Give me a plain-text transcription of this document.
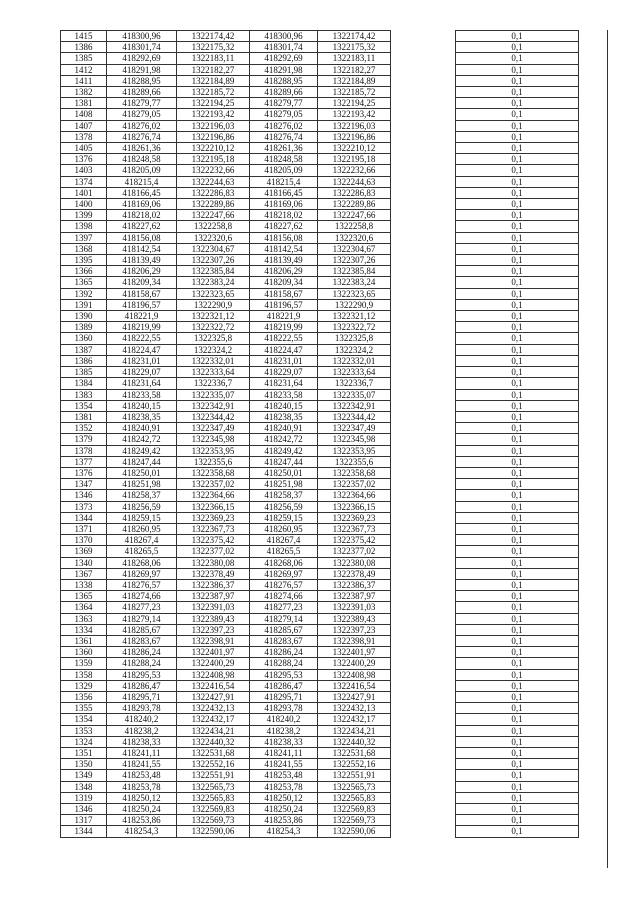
1415	418300,96	1322174,42	418300,96	1322174,42		0,1
1386	418301,74	1322175,32	418301,74	1322175,32		0,1
1385	418292,69	1322183,11	418292,69	1322183,11		0,1
1412	418291,98	1322182,27	418291,98	1322182,27		0,1
1411	418288,95	1322184,89	418288,95	1322184,89		0,1
1382	418289,66	1322185,72	418289,66	1322185,72		0,1
1381	418279,77	1322194,25	418279,77	1322194,25		0,1
1408	418279,05	1322193,42	418279,05	1322193,42		0,1
1407	418276,02	1322196,03	418276,02	1322196,03		0,1
1378	418276,74	1322196,86	418276,74	1322196,86		0,1
1405	418261,36	1322210,12	418261,36	1322210,12		0,1
1376	418248,58	1322195,18	418248,58	1322195,18		0,1
1403	418205,09	1322232,66	418205,09	1322232,66		0,1
1374	418215,4	1322244,63	418215,4	1322244,63		0,1
1401	418166,45	1322286,83	418166,45	1322286,83		0,1
1400	418169,06	1322289,86	418169,06	1322289,86		0,1
1399	418218,02	1322247,66	418218,02	1322247,66		0,1
1398	418227,62	1322258,8	418227,62	1322258,8		0,1
1397	418156,08	1322320,6	418156,08	1322320,6		0,1
1368	418142,54	1322304,67	418142,54	1322304,67		0,1
1395	418139,49	1322307,26	418139,49	1322307,26		0,1
1366	418206,29	1322385,84	418206,29	1322385,84		0,1
1365	418209,34	1322383,24	418209,34	1322383,24		0,1
1392	418158,67	1322323,65	418158,67	1322323,65		0,1
1391	418196,57	1322290,9	418196,57	1322290,9		0,1
1390	418221,9	1322321,12	418221,9	1322321,12		0,1
1389	418219,99	1322322,72	418219,99	1322322,72		0,1
1360	418222,55	1322325,8	418222,55	1322325,8		0,1
1387	418224,47	1322324,2	418224,47	1322324,2		0,1
1386	418231,01	1322332,01	418231,01	1322332,01		0,1
1385	418229,07	1322333,64	418229,07	1322333,64		0,1
1384	418231,64	1322336,7	418231,64	1322336,7		0,1
1383	418233,58	1322335,07	418233,58	1322335,07		0,1
1354	418240,15	1322342,91	418240,15	1322342,91		0,1
1381	418238,35	1322344,42	418238,35	1322344,42		0,1
1352	418240,91	1322347,49	418240,91	1322347,49		0,1
1379	418242,72	1322345,98	418242,72	1322345,98		0,1
1378	418249,42	1322353,95	418249,42	1322353,95		0,1
1377	418247,44	1322355,6	418247,44	1322355,6		0,1
1376	418250,01	1322358,68	418250,01	1322358,68		0,1
1347	418251,98	1322357,02	418251,98	1322357,02		0,1
1346	418258,37	1322364,66	418258,37	1322364,66		0,1
1373	418256,59	1322366,15	418256,59	1322366,15		0,1
1344	418259,15	1322369,23	418259,15	1322369,23		0,1
1371	418260,95	1322367,73	418260,95	1322367,73		0,1
1370	418267,4	1322375,42	418267,4	1322375,42		0,1
1369	418265,5	1322377,02	418265,5	1322377,02		0,1
1340	418268,06	1322380,08	418268,06	1322380,08		0,1
1367	418269,97	1322378,49	418269,97	1322378,49		0,1
1338	418276,57	1322386,37	418276,57	1322386,37		0,1
1365	418274,66	1322387,97	418274,66	1322387,97		0,1
1364	418277,23	1322391,03	418277,23	1322391,03		0,1
1363	418279,14	1322389,43	418279,14	1322389,43		0,1
1334	418285,67	1322397,23	418285,67	1322397,23		0,1
1361	418283,67	1322398,91	418283,67	1322398,91		0,1
1360	418286,24	1322401,97	418286,24	1322401,97		0,1
1359	418288,24	1322400,29	418288,24	1322400,29		0,1
1358	418295,53	1322408,98	418295,53	1322408,98		0,1
1329	418286,47	1322416,54	418286,47	1322416,54		0,1
1356	418295,71	1322427,91	418295,71	1322427,91		0,1
1355	418293,78	1322432,13	418293,78	1322432,13		0,1
1354	418240,2	1322432,17	418240,2	1322432,17		0,1
1353	418238,2	1322434,21	418238,2	1322434,21		0,1
1324	418238,33	1322440,32	418238,33	1322440,32		0,1
1351	418241,11	1322531,68	418241,11	1322531,68		0,1
1350	418241,55	1322552,16	418241,55	1322552,16		0,1
1349	418253,48	1322551,91	418253,48	1322551,91		0,1
1348	418253,78	1322565,73	418253,78	1322565,73		0,1
1319	418250,12	1322565,83	418250,12	1322565,83		0,1
1346	418250,24	1322569,83	418250,24	1322569,83		0,1
1317	418253,86	1322569,73	418253,86	1322569,73		0,1
1344	418254,3	1322590,06	418254,3	1322590,06		0,1
